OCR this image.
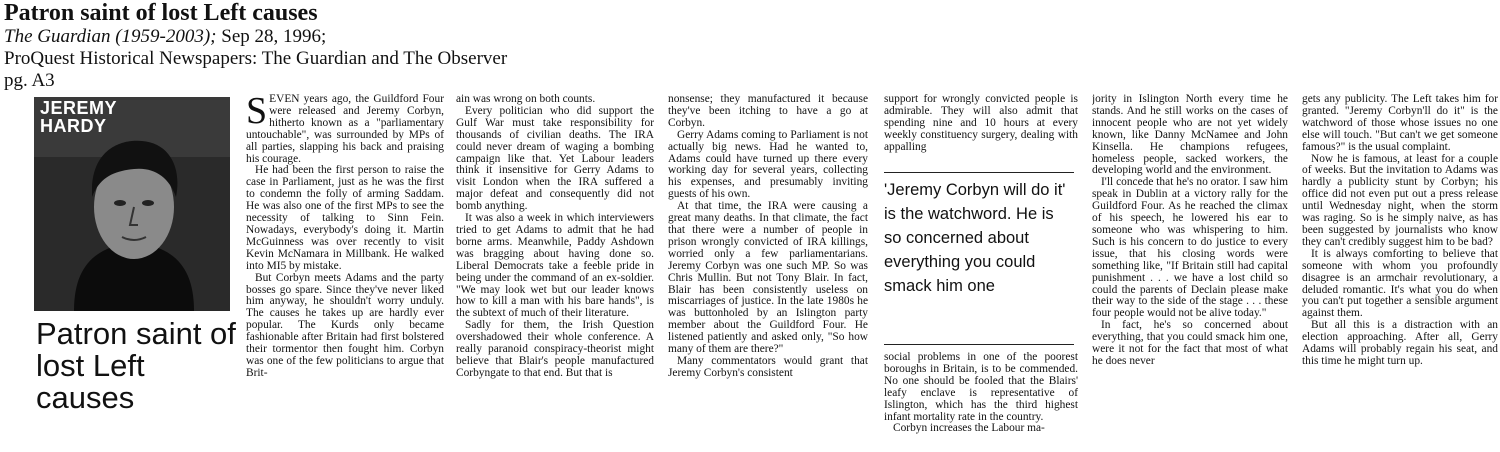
Patron saint of lost Left causes

The Guardian (1959-2003); Sep 28, 1996;

ProQuest Historical Newspapers: The Guardian and The Observer

pg. A3

JEREMY
HARDY
Patron saint of lost Left causes

SEVEN years ago, the Guildford Four were released and Jeremy Corbyn, hitherto known as a "parliamentary untouchable", was surrounded by MPs of all parties, slapping his back and praising his courage.

He had been the first person to raise the case in Parliament, just as he was the first to condemn the folly of arming Saddam. He was also one of the first MPs to see the necessity of talking to Sinn Fein. Nowadays, everybody's doing it. Martin McGuinness was over recently to visit Kevin McNamara in Millbank. He walked into MI5 by mistake.

But Corbyn meets Adams and the party bosses go spare. Since they've never liked him anyway, he shouldn't worry unduly. The causes he takes up are hardly ever popular. The Kurds only became fashionable after Britain had first bolstered their tormentor then fought him. Corbyn was one of the few politicians to argue that Brit-

ain was wrong on both counts.

Every politician who did support the Gulf War must take responsibility for thousands of civilian deaths. The IRA could never dream of waging a bombing campaign like that. Yet Labour leaders think it insensitive for Gerry Adams to visit London when the IRA suffered a major defeat and consequently did not bomb anything.

It was also a week in which interviewers tried to get Adams to admit that he had borne arms. Meanwhile, Paddy Ashdown was bragging about having done so. Liberal Democrats take a feeble pride in being under the command of an ex-soldier. "We may look wet but our leader knows how to kill a man with his bare hands", is the subtext of much of their literature.

Sadly for them, the Irish Question overshadowed their whole conference. A really paranoid conspiracy-theorist might believe that Blair's people manufactured Corbyngate to that end. But that is

nonsense; they manufactured it because they've been itching to have a go at Corbyn.

Gerry Adams coming to Parliament is not actually big news. Had he wanted to, Adams could have turned up there every working day for several years, collecting his expenses, and presumably inviting guests of his own.

At that time, the IRA were causing a great many deaths. In that climate, the fact that there were a number of people in prison wrongly convicted of IRA killings, worried only a few parliamentarians. Jeremy Corbyn was one such MP. So was Chris Mullin. But not Tony Blair. In fact, Blair has been consistently useless on miscarriages of justice. In the late 1980s he was buttonholed by an Islington party member about the Guildford Four. He listened patiently and asked only, "So how many of them are there?"

Many commentators would grant that Jeremy Corbyn's consistent

support for wrongly convicted people is admirable. They will also admit that spending nine and 10 hours at every weekly constituency surgery, dealing with appalling

'Jeremy Corbyn will do it' is the watchword. He is so concerned about everything you could smack him one

social problems in one of the poorest boroughs in Britain, is to be commended. No one should be fooled that the Blairs' leafy enclave is representative of Islington, which has the third highest infant mortality rate in the country.

Corbyn increases the Labour ma-

jority in Islington North every time he stands. And he still works on the cases of innocent people who are not yet widely known, like Danny McNamee and John Kinsella. He champions refugees, homeless people, sacked workers, the developing world and the environment.

I'll concede that he's no orator. I saw him speak in Dublin at a victory rally for the Guildford Four. As he reached the climax of his speech, he lowered his ear to someone who was whispering to him. Such is his concern to do justice to every issue, that his closing words were something like, "If Britain still had capital punishment . . . we have a lost child so could the parents of Declain please make their way to the side of the stage . . . these four people would not be alive today."

In fact, he's so concerned about everything, that you could smack him one, were it not for the fact that most of what he does never

gets any publicity. The Left takes him for granted. "Jeremy Corbyn'll do it" is the watchword of those whose issues no one else will touch. "But can't we get someone famous?" is the usual complaint.

Now he is famous, at least for a couple of weeks. But the invitation to Adams was hardly a publicity stunt by Corbyn; his office did not even put out a press release until Wednesday night, when the storm was raging. So is he simply naive, as has been suggested by journalists who know they can't credibly suggest him to be bad?

It is always comforting to believe that someone with whom you profoundly disagree is an armchair revolutionary, a deluded romantic. It's what you do when you can't put together a sensible argument against them.

But all this is a distraction with an election approaching. After all, Gerry Adams will probably regain his seat, and this time he might turn up.
